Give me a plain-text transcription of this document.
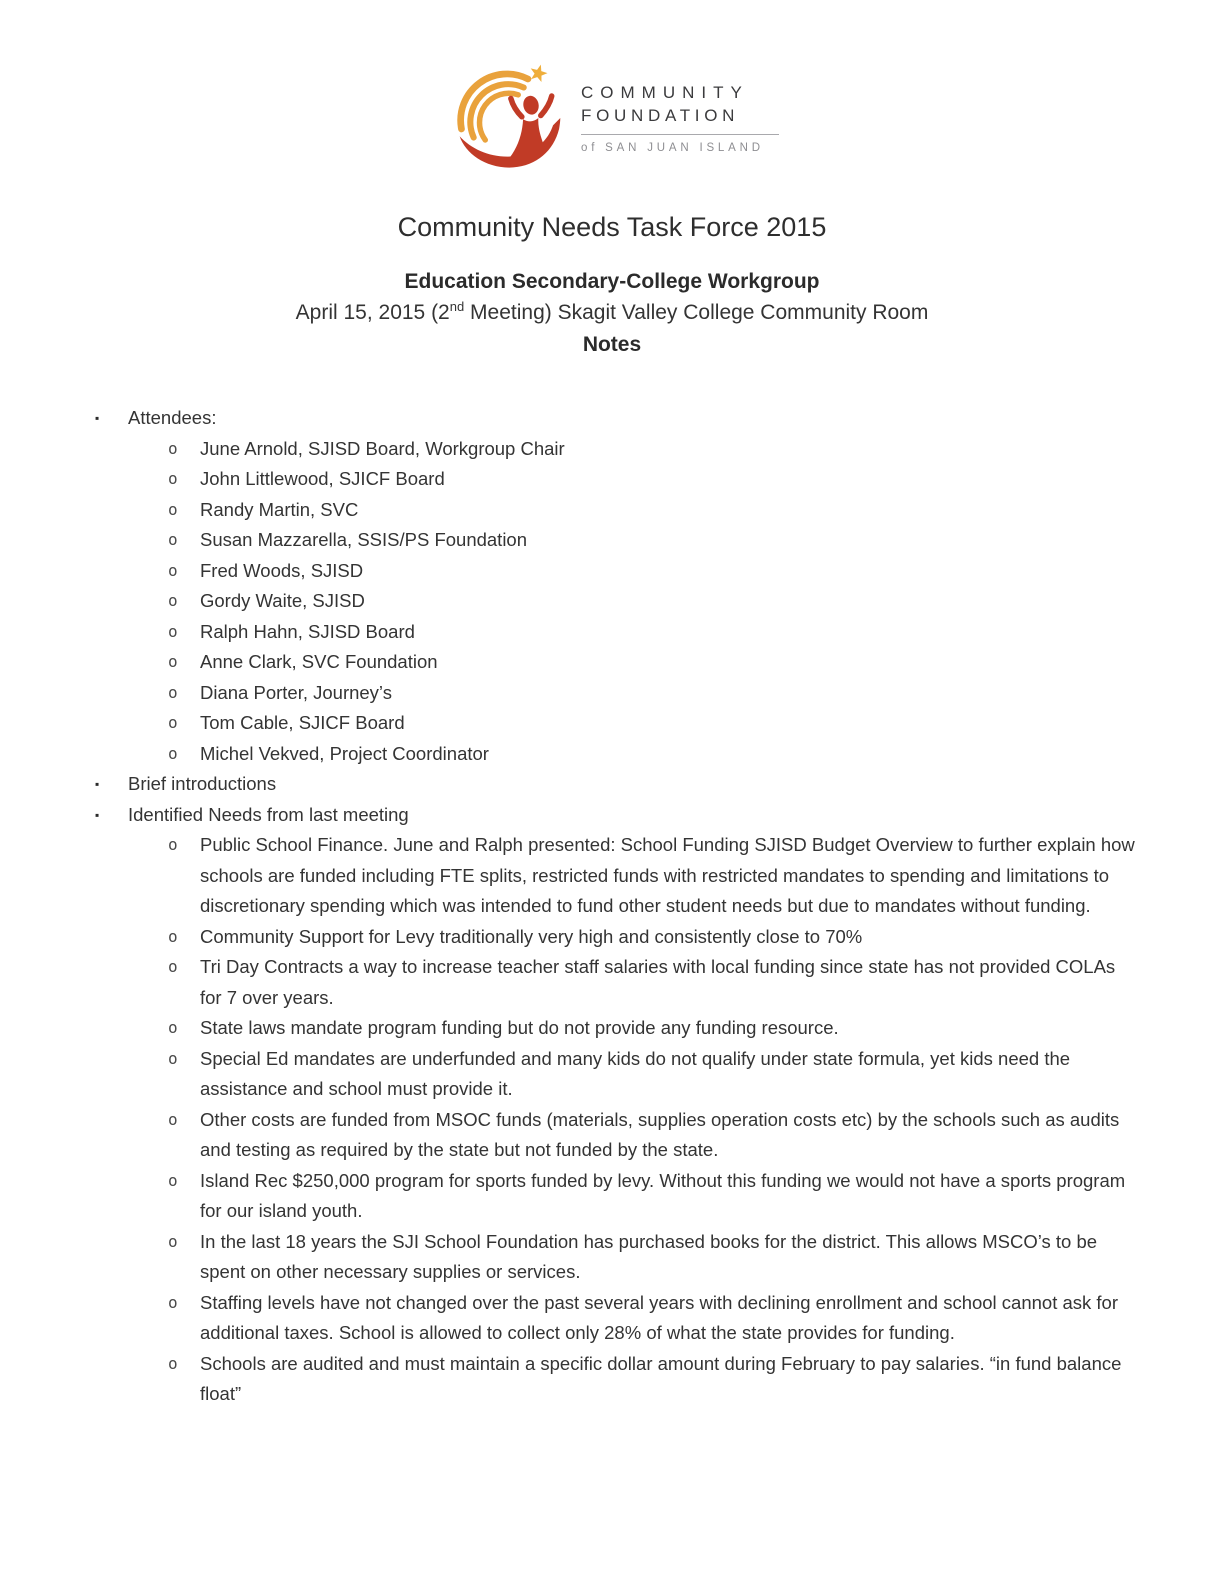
COMMUNITY
FOUNDATION
of SAN JUAN ISLAND
Community Needs Task Force 2015
Education Secondary-College Workgroup

April 15, 2015 (2nd Meeting) Skagit Valley College Community Room

Notes
▪	Attendees:
o	June Arnold, SJISD Board, Workgroup Chair
o	John Littlewood, SJICF Board
o	Randy Martin, SVC
o	Susan Mazzarella, SSIS/PS Foundation
o	Fred Woods, SJISD
o	Gordy Waite, SJISD
o	Ralph Hahn, SJISD Board
o	Anne Clark, SVC Foundation
o	Diana Porter, Journey’s
o	Tom Cable, SJICF Board
o	Michel Vekved, Project Coordinator
▪	Brief introductions
▪	Identified Needs from last meeting
o	Public School Finance. June and Ralph presented: School Funding SJISD Budget Overview to further explain how schools are funded including FTE splits, restricted funds with restricted mandates to spending and limitations to discretionary spending which was intended to fund other student needs but due to mandates without funding.
o	Community Support for Levy traditionally very high and consistently close to 70%
o	Tri Day Contracts a way to increase teacher staff salaries with local funding since state has not provided COLAs for 7 over years.
o	State laws mandate program funding but do not provide any funding resource.
o	Special Ed mandates are underfunded and many kids do not qualify under state formula, yet kids need the assistance and school must provide it.
o	Other costs are funded from MSOC funds (materials, supplies operation costs etc) by the schools such as audits and testing as required by the state but not funded by the state.
o	Island Rec $250,000 program for sports funded by levy. Without this funding we would not have a sports program for our island youth.
o	In the last 18 years the SJI School Foundation has purchased books for the district. This allows MSCO’s to be spent on other necessary supplies or services.
o	Staffing levels have not changed over the past several years with declining enrollment and school cannot ask for additional taxes. School is allowed to collect only 28% of what the state provides for funding.
o	Schools are audited and must maintain a specific dollar amount during February to pay salaries. “in fund balance float”
